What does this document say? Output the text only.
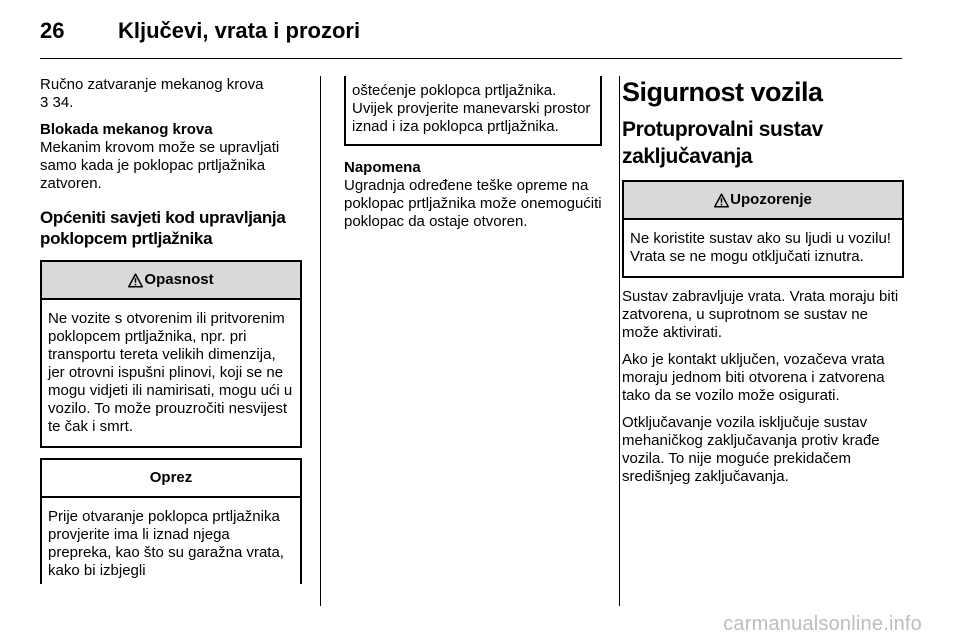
26	Ključevi, vrata i prozori

Ručno zatvaranje mekanog krova
3 34.

Blokada mekanog krova
Mekanim krovom može se upravljati samo kada je poklopac prtljažnika zatvoren.

Općeniti savjeti kod upravljanja poklopcem prtljažnika
Opasnost
Ne vozite s otvorenim ili pritvorenim poklopcem prtljažnika, npr. pri transportu tereta velikih dimenzija, jer otrovni ispušni plinovi, koji se ne mogu vidjeti ili namirisati, mogu ući u vozilo. To može prouzročiti nesvijest te čak i smrt.
Oprez
Prije otvaranje poklopca prtljažnika provjerite ima li iznad njega prepreka, kao što su garažna vrata, kako bi izbjegli
oštećenje poklopca prtljažnika. Uvijek provjerite manevarski prostor iznad i iza poklopca prtljažnika.

Napomena
Ugradnja određene teške opreme na poklopac prtljažnika može onemogućiti poklopac da ostaje otvoren.

Sigurnost vozila
Protuprovalni sustav zaključavanja
Upozorenje
Ne koristite sustav ako su ljudi u vozilu! Vrata se ne mogu otključati iznutra.

Sustav zabravljuje vrata. Vrata moraju biti zatvorena, u suprotnom se sustav ne može aktivirati.

Ako je kontakt uključen, vozačeva vrata moraju jednom biti otvorena i zatvorena tako da se vozilo može osigurati.

Otključavanje vozila isključuje sustav mehaničkog zaključavanja protiv krađe vozila. To nije moguće prekidačem središnjeg zaključavanja.

carmanualsonline.info
